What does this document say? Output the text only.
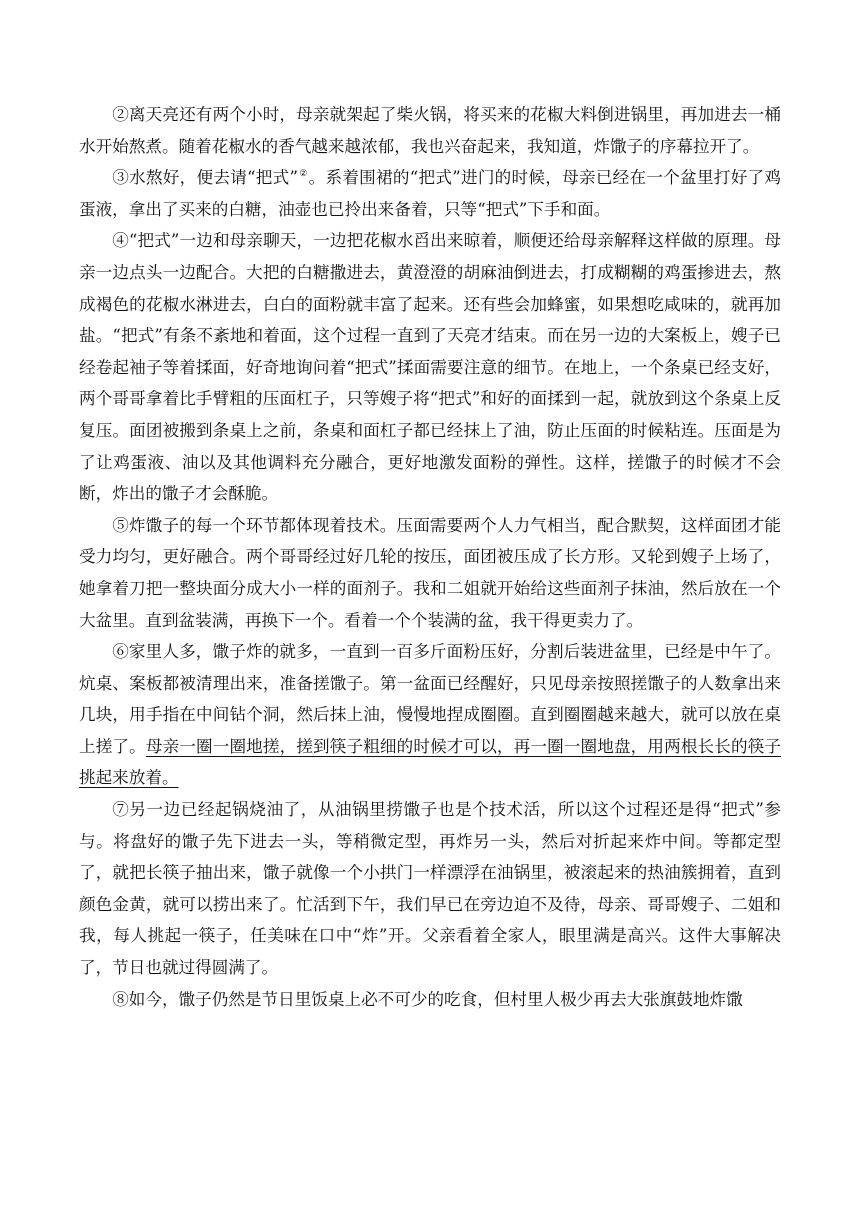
②离天亮还有两个小时，母亲就架起了柴火锅，将买来的花椒大料倒进锅里，再加进去一桶水开始熬煮。随着花椒水的香气越来越浓郁，我也兴奋起来，我知道，炸馓子的序幕拉开了。

③水熬好，便去请“把式”②。系着围裙的“把式”进门的时候，母亲已经在一个盆里打好了鸡蛋液，拿出了买来的白糖，油壶也已拎出来备着，只等“把式”下手和面。

④“把式”一边和母亲聊天，一边把花椒水舀出来晾着，顺便还给母亲解释这样做的原理。母亲一边点头一边配合。大把的白糖撒进去，黄澄澄的胡麻油倒进去，打成糊糊的鸡蛋掺进去，熬成褐色的花椒水淋进去，白白的面粉就丰富了起来。还有些会加蜂蜜，如果想吃咸味的，就再加盐。“把式”有条不紊地和着面，这个过程一直到了天亮才结束。而在另一边的大案板上，嫂子已经卷起袖子等着揉面，好奇地询问着“把式”揉面需要注意的细节。在地上，一个条桌已经支好，两个哥哥拿着比手臂粗的压面杠子，只等嫂子将“把式”和好的面揉到一起，就放到这个条桌上反复压。面团被搬到条桌上之前，条桌和面杠子都已经抹上了油，防止压面的时候粘连。压面是为了让鸡蛋液、油以及其他调料充分融合，更好地激发面粉的弹性。这样，搓馓子的时候才不会断，炸出的馓子才会酥脆。

⑤炸馓子的每一个环节都体现着技术。压面需要两个人力气相当，配合默契，这样面团才能受力均匀，更好融合。两个哥哥经过好几轮的按压，面团被压成了长方形。又轮到嫂子上场了，她拿着刀把一整块面分成大小一样的面剂子。我和二姐就开始给这些面剂子抹油，然后放在一个大盆里。直到盆装满，再换下一个。看着一个个装满的盆，我干得更卖力了。

⑥家里人多，馓子炸的就多，一直到一百多斤面粉压好，分割后装进盆里，已经是中午了。炕桌、案板都被清理出来，准备搓馓子。第一盆面已经醒好，只见母亲按照搓馓子的人数拿出来几块，用手指在中间钻个洞，然后抹上油，慢慢地捏成圈圈。直到圈圈越来越大，就可以放在桌上搓了。母亲一圈一圈地搓，搓到筷子粗细的时候才可以，再一圈一圈地盘，用两根长长的筷子挑起来放着。

⑦另一边已经起锅烧油了，从油锅里捞馓子也是个技术活，所以这个过程还是得“把式”参与。将盘好的馓子先下进去一头，等稍微定型，再炸另一头，然后对折起来炸中间。等都定型了，就把长筷子抽出来，馓子就像一个小拱门一样漂浮在油锅里，被滚起来的热油簇拥着，直到颜色金黄，就可以捞出来了。忙活到下午，我们早已在旁边迫不及待，母亲、哥哥嫂子、二姐和我，每人挑起一筷子，任美味在口中“炸”开。父亲看着全家人，眼里满是高兴。这件大事解决了，节日也就过得圆满了。

⑧如今，馓子仍然是节日里饭桌上必不可少的吃食，但村里人极少再去大张旗鼓地炸馓
